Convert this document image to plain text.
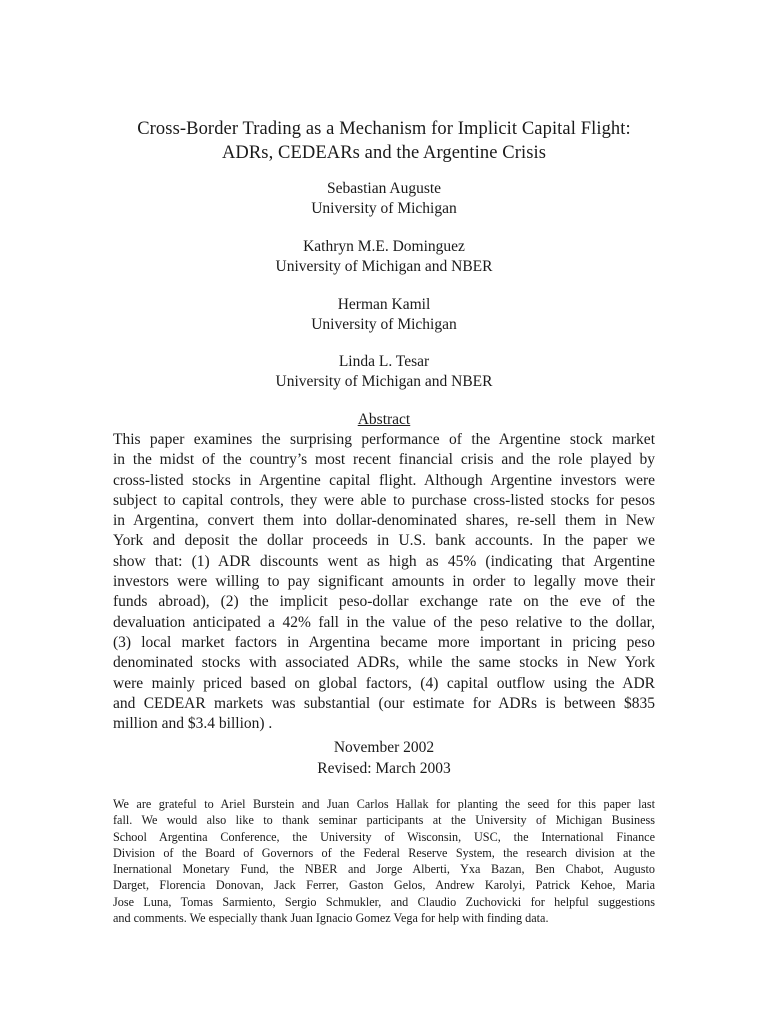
Cross-Border Trading as a Mechanism for Implicit Capital Flight:
ADRs, CEDEARs and the Argentine Crisis
Sebastian Auguste
University of Michigan
Kathryn M.E. Dominguez
University of Michigan and NBER
Herman Kamil
University of Michigan
Linda L. Tesar
University of Michigan and NBER
Abstract
This paper examines the surprising performance of the Argentine stock market
in the midst of the country’s most recent financial crisis and the role played by
cross-listed stocks in Argentine capital flight. Although Argentine investors were
subject to capital controls, they were able to purchase cross-listed stocks for pesos
in Argentina, convert them into dollar-denominated shares, re-sell them in New
York and deposit the dollar proceeds in U.S. bank accounts. In the paper we
show that: (1) ADR discounts went as high as 45% (indicating that Argentine
investors were willing to pay significant amounts in order to legally move their
funds abroad), (2) the implicit peso-dollar exchange rate on the eve of the
devaluation anticipated a 42% fall in the value of the peso relative to the dollar,
(3) local market factors in Argentina became more important in pricing peso
denominated stocks with associated ADRs, while the same stocks in New York
were mainly priced based on global factors, (4) capital outflow using the ADR
and CEDEAR markets was substantial (our estimate for ADRs is between $835
million and $3.4 billion) .
November 2002
Revised: March 2003
We are grateful to Ariel Burstein and Juan Carlos Hallak for planting the seed for this paper last
fall. We would also like to thank seminar participants at the University of Michigan Business
School Argentina Conference, the University of Wisconsin, USC, the International Finance
Division of the Board of Governors of the Federal Reserve System, the research division at the
Inernational Monetary Fund, the NBER and Jorge Alberti, Yxa Bazan, Ben Chabot, Augusto
Darget, Florencia Donovan, Jack Ferrer, Gaston Gelos, Andrew Karolyi, Patrick Kehoe, Maria
Jose Luna, Tomas Sarmiento, Sergio Schmukler, and Claudio Zuchovicki for helpful suggestions
and comments. We especially thank Juan Ignacio Gomez Vega for help with finding data.
